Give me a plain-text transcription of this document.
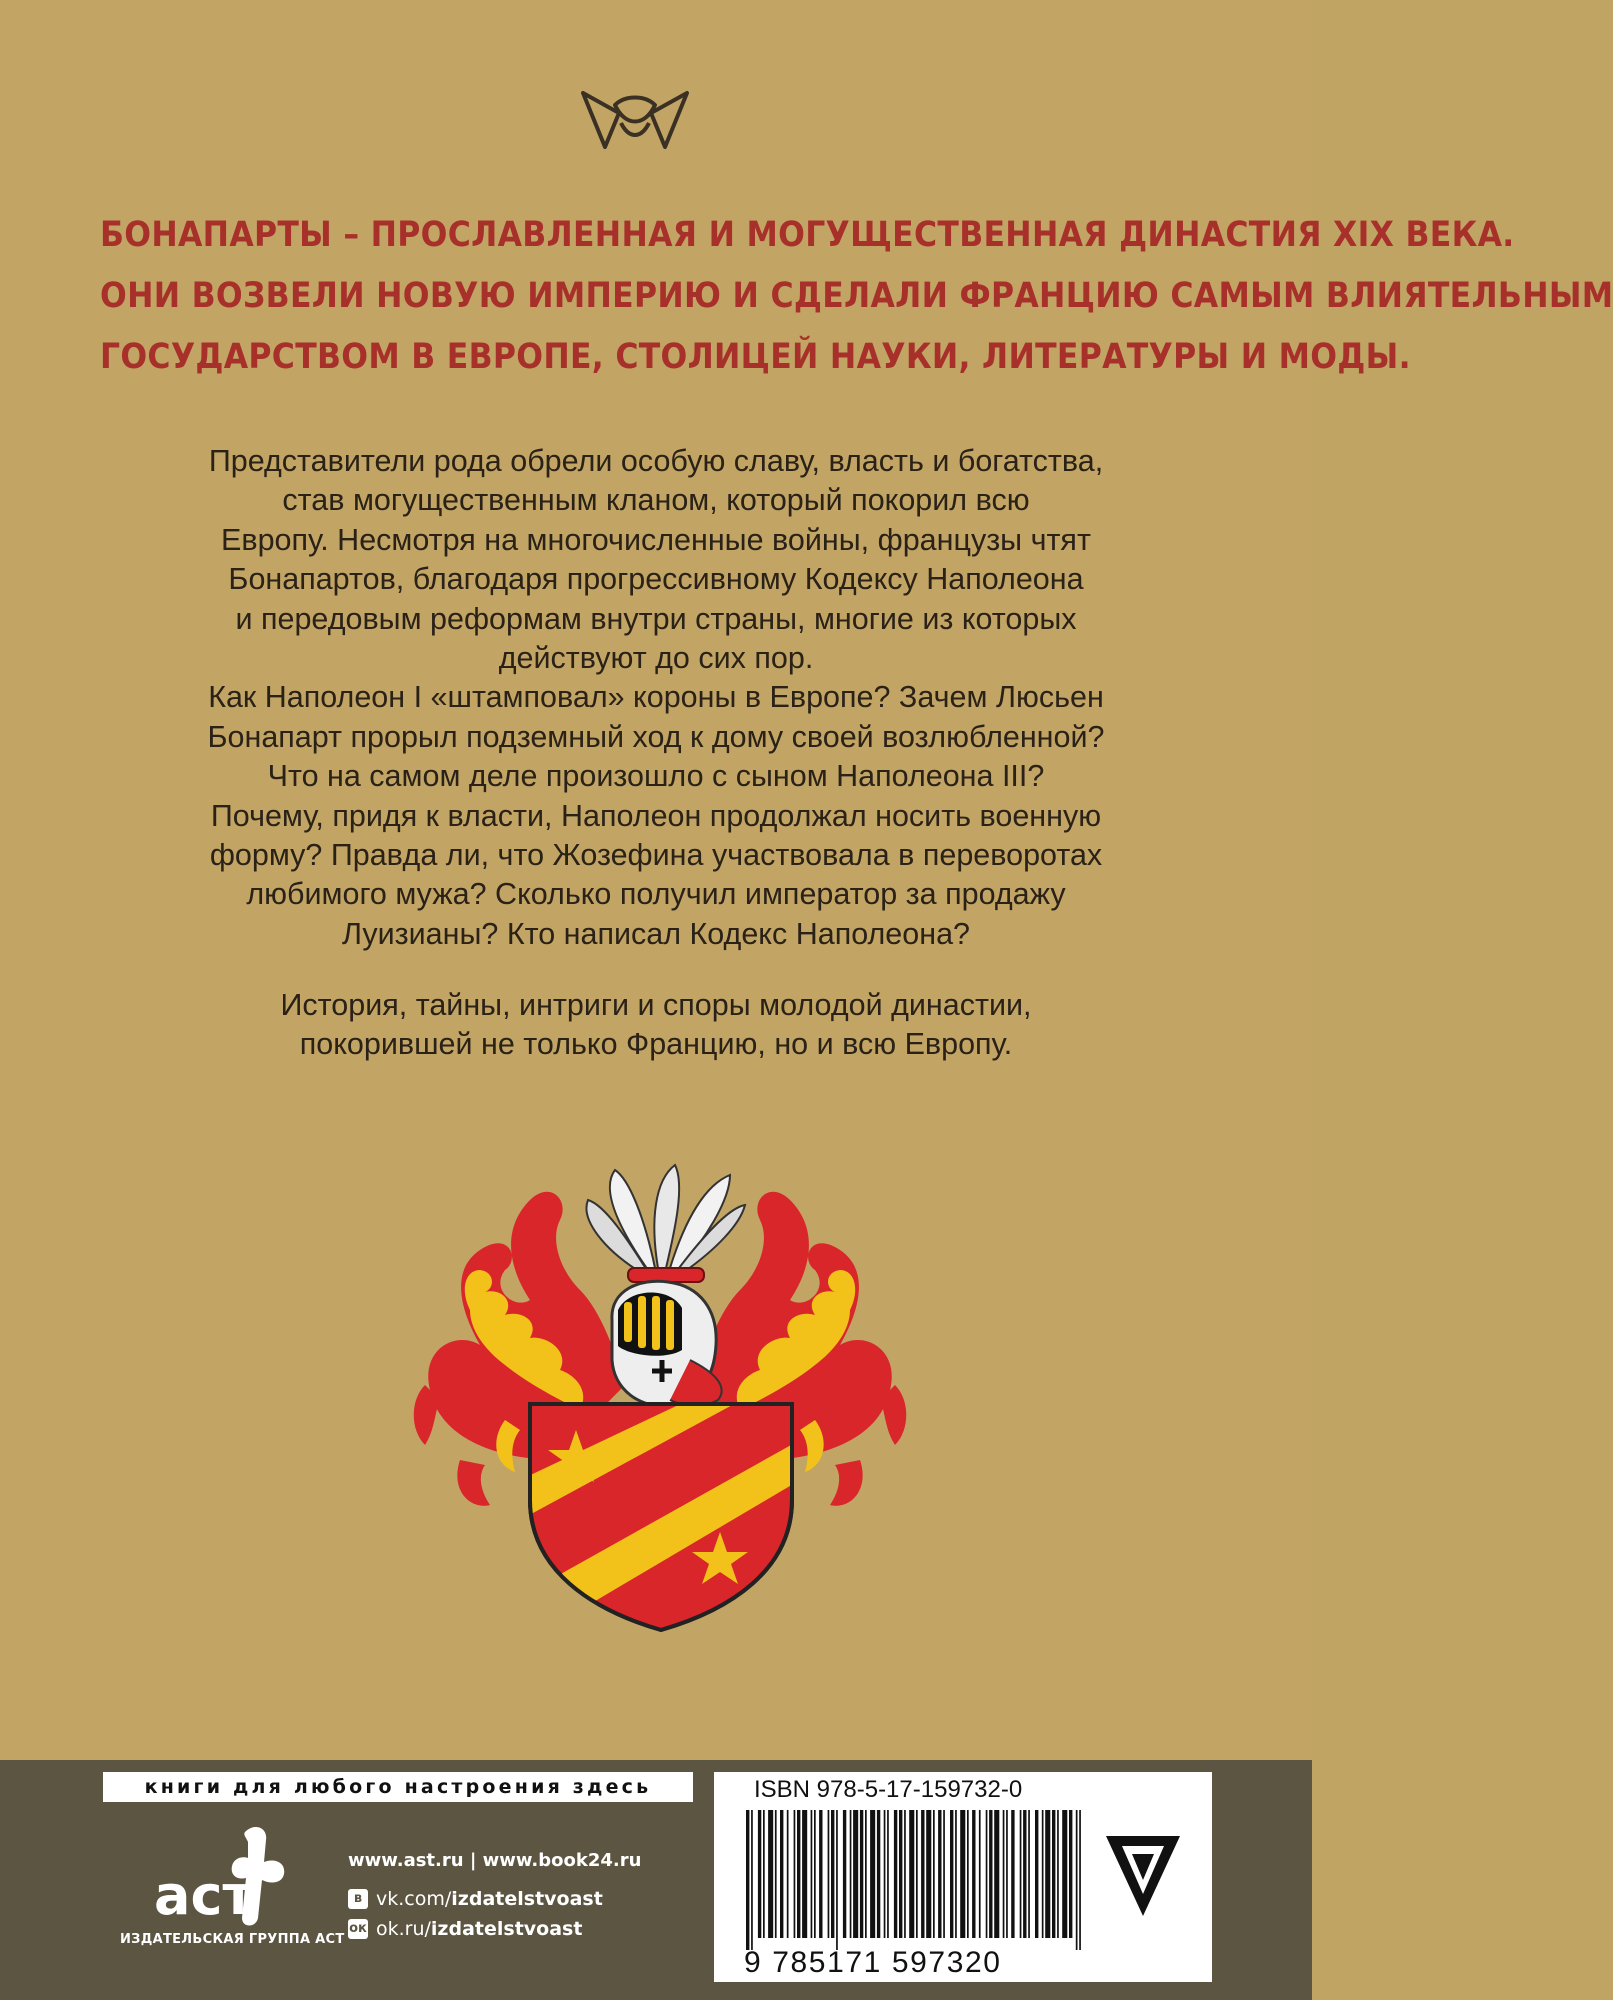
БОНАПАРТЫ – ПРОСЛАВЛЕННАЯ И МОГУЩЕСТВЕННАЯ ДИНАСТИЯ XIX ВЕКА.
ОНИ ВОЗВЕЛИ НОВУЮ ИМПЕРИЮ И СДЕЛАЛИ ФРАНЦИЮ САМЫМ ВЛИЯТЕЛЬНЫМ
ГОСУДАРСТВОМ В ЕВРОПЕ, СТОЛИЦЕЙ НАУКИ, ЛИТЕРАТУРЫ И МОДЫ.
Представители рода обрели особую славу, власть и богатства,
став могущественным кланом, который покорил всю
Европу. Несмотря на многочисленные войны, французы чтят
Бонапартов, благодаря прогрессивному Кодексу Наполеона
и передовым реформам внутри страны, многие из которых
действуют до сих пор.
Как Наполеон I «штамповал» короны в Европе? Зачем Люсьен
Бонапарт прорыл подземный ход к дому своей возлюбленной?
Что на самом деле произошло с сыном Наполеона III?
Почему, придя к власти, Наполеон продолжал носить военную
форму? Правда ли, что Жозефина участвовала в переворотах
любимого мужа? Сколько получил император за продажу
Луизианы? Кто написал Кодекс Наполеона?
История, тайны, интриги и споры молодой династии,
покорившей не только Францию, но и всю Европу.
книги для любого настроения здесь
аст
ИЗДАТЕЛЬСКАЯ ГРУППА АСТ
www.ast.ru | www.book24.ru
в vk.com/izdatelstvoast
ок ok.ru/izdatelstvoast
ISBN 978-5-17-159732-0
9 785171 597320
